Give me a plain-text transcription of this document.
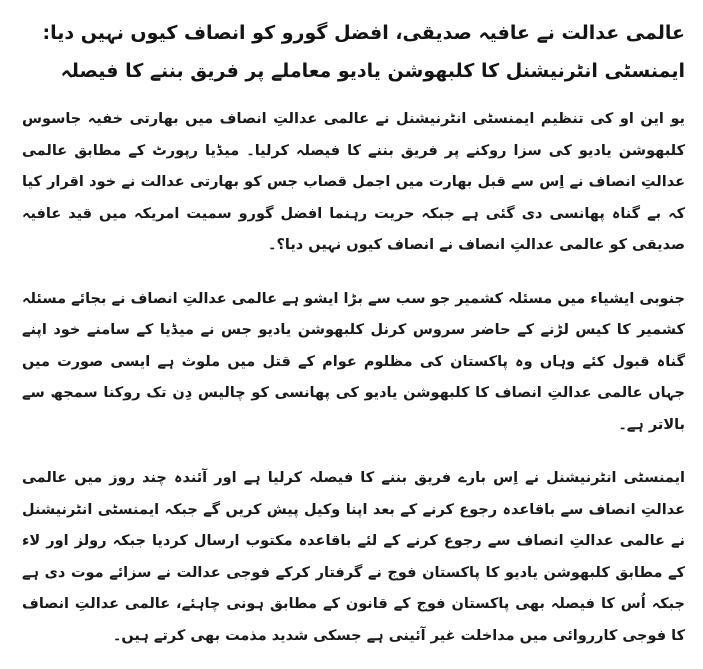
عالمی عدالت نے عافیہ صدیقی، افضل گورو کو انصاف کیوں نہیں دیا: ایمنسٹی انٹرنیشنل کا کلبھوشن یادیو معاملے پر فریق بننے کا فیصلہ

یو این او کی تنظیم ایمنسٹی انٹرنیشنل نے عالمی عدالتِ انصاف میں بھارتی خفیہ جاسوس کلبھوشن یادیو کی سزا روکنے پر فریق بننے کا فیصلہ کرلیا۔ میڈیا رپورٹ کے مطابق عالمی عدالتِ انصاف نے اِس سے قبل بھارت میں اجمل قصاب جس کو بھارتی عدالت نے خود اقرار کیا کہ بے گناہ پھانسی دی گئی ہے جبکہ حریت رہنما افضل گورو سمیت امریکہ میں قید عافیہ صدیقی کو عالمی عدالتِ انصاف نے انصاف کیوں نہیں دیا؟۔

جنوبی ایشیاء میں مسئلہ کشمیر جو سب سے بڑا ایشو ہے عالمی عدالتِ انصاف نے بجائے مسئلہ کشمیر کا کیس لڑنے کے حاضر سروس کرنل کلبھوشن یادیو جس نے میڈیا کے سامنے خود اپنے گناہ قبول کئے وہاں وہ پاکستان کی مظلوم عوام کے قتل میں ملوث ہے ایسی صورت میں جہاں عالمی عدالتِ انصاف کا کلبھوشن یادیو کی پھانسی کو چالیس دِن تک روکنا سمجھ سے بالاتر ہے۔

ایمنسٹی انٹرنیشنل نے اِس بارے فریق بننے کا فیصلہ کرلیا ہے اور آئندہ چند روز میں عالمی عدالتِ انصاف سے باقاعدہ رجوع کرنے کے بعد اپنا وکیل پیش کریں گے جبکہ ایمنسٹی انٹرنیشنل نے عالمی عدالتِ انصاف سے رجوع کرنے کے لئے باقاعدہ مکتوب ارسال کردیا جبکہ رولز اور لاء کے مطابق کلبھوشن یادیو کا پاکستان فوج نے گرفتار کرکے فوجی عدالت نے سزائے موت دی ہے جبکہ اُس کا فیصلہ بھی پاکستان فوج کے قانون کے مطابق ہونی چاہئے، عالمی عدالتِ انصاف کا فوجی کارروائی میں مداخلت غیر آئینی ہے جسکی شدید مذمت بھی کرتے ہیں۔
